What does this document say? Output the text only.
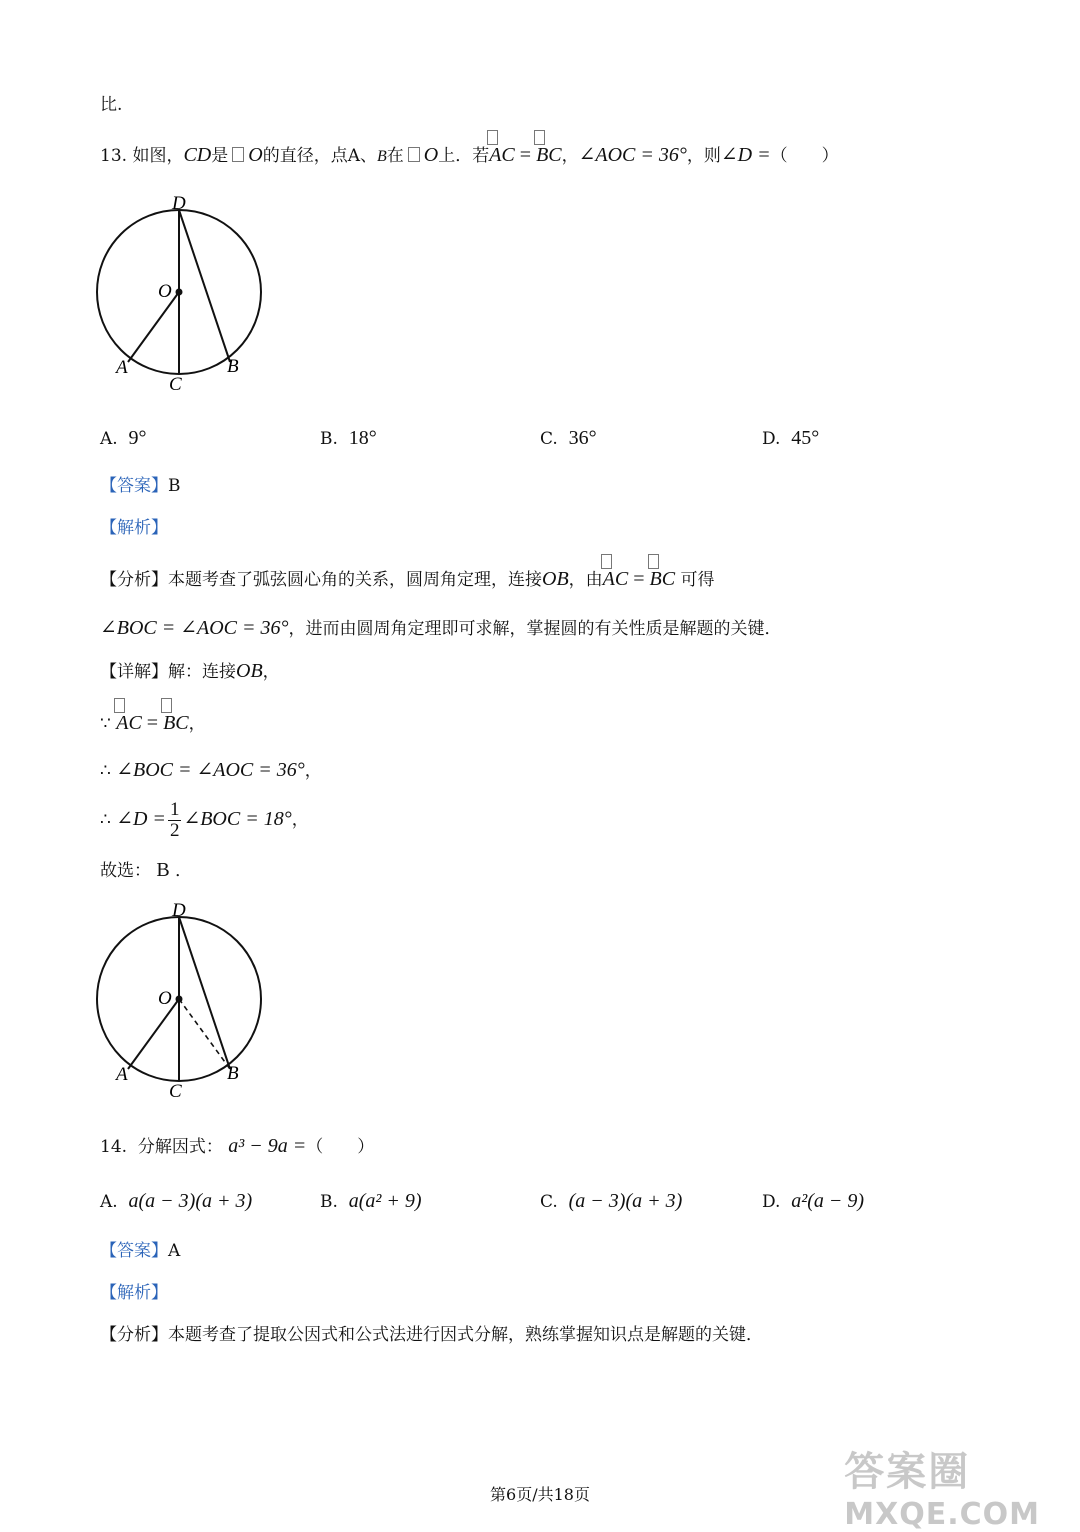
比.
13. 如图，CD是 O的直径，点A、B在 O上．若
AC = BC，∠AOC = 36°，则∠D =（　　）
D
O
A	B
C
A. 9°	B. 18°	C. 36°	D. 45°
【答案】B
【解析】
【分析】本题考查了弧弦圆心角的关系，圆周角定理，连接OB，由
AC = BC 可得
∠BOC = ∠AOC = 36°，进而由圆周角定理即可求解，掌握圆的有关性质是解题的关键．
【详解】解：连接OB，
∵ AC = BC，
∴ ∠BOC = ∠AOC = 36°，
∴ ∠D = $\frac{1}{2}$ ∠BOC = 18°，
故选： B ．
D
O
A	B
C
14. 分解因式： a³ − 9a =（　　）
A. a(a − 3)(a + 3)	B. a(a² + 9)	C. (a − 3)(a + 3)	D. a²(a − 9)
【答案】A
【解析】
【分析】本题考查了提取公因式和公式法进行因式分解，熟练掌握知识点是解题的关键．
答案圈
MXQE.COM
第6页/共18页
